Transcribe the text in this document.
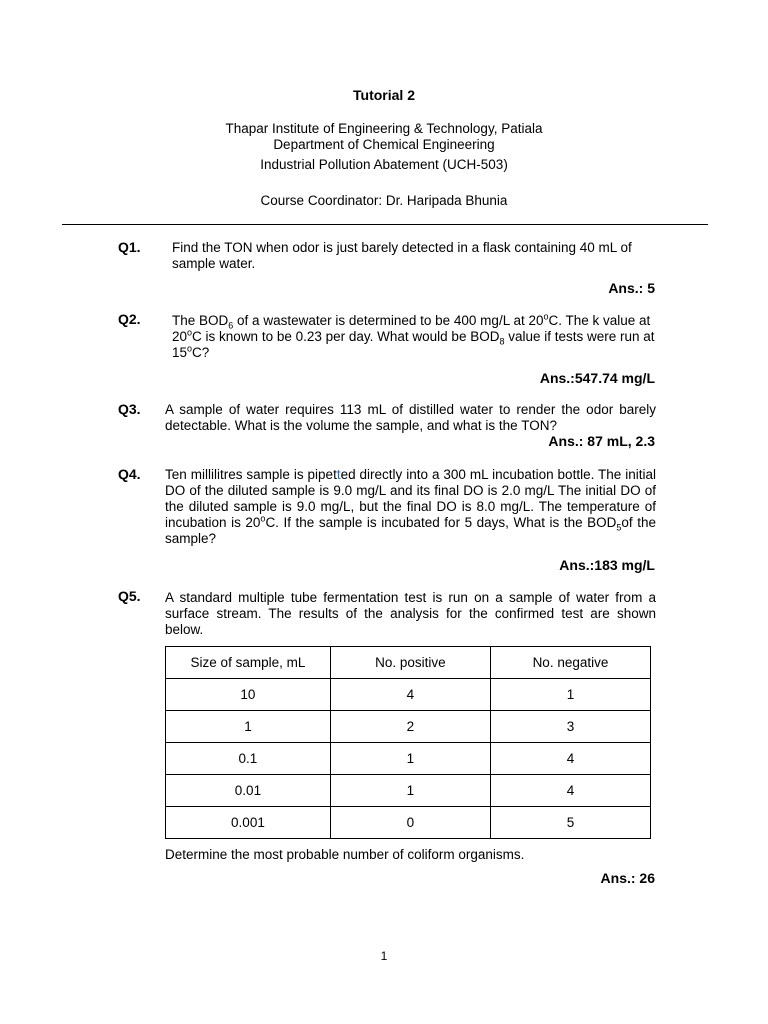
Tutorial 2
Thapar Institute of Engineering & Technology, Patiala
Department of Chemical Engineering
Industrial Pollution Abatement (UCH-503)
Course Coordinator: Dr. Haripada Bhunia
Q1. Find the TON when odor is just barely detected in a flask containing 40 mL of sample water.
Ans.: 5
Q2. The $BOD_6$ of a wastewater is determined to be 400 mg/L at 20$^o$C. The k value at 20$^o$C is known to be 0.23 per day. What would be $BOD_8$ value if tests were run at 15$^o$C?
Ans.:547.74 mg/L
Q3. A sample of water requires 113 mL of distilled water to render the odor barely detectable. What is the volume the sample, and what is the TON?
Ans.: 87 mL, 2.3
Q4. Ten millilitres sample is pipetted directly into a 300 mL incubation bottle. The initial DO of the diluted sample is 9.0 mg/L and its final DO is 2.0 mg/L The initial DO of the diluted sample is 9.0 mg/L, but the final DO is 8.0 mg/L. The temperature of incubation is 20$^o$C. If the sample is incubated for 5 days, What is the $BOD_5of$ the sample?
Ans.:183 mg/L
Q5. A standard multiple tube fermentation test is run on a sample of water from a surface stream. The results of the analysis for the confirmed test are shown below.
Size of sample, mL	No. positive	No. negative
10	4	1
1	2	3
0.1	1	4
0.01	1	4
0.001	0	5
Determine the most probable number of coliform organisms.
Ans.: 26
1
